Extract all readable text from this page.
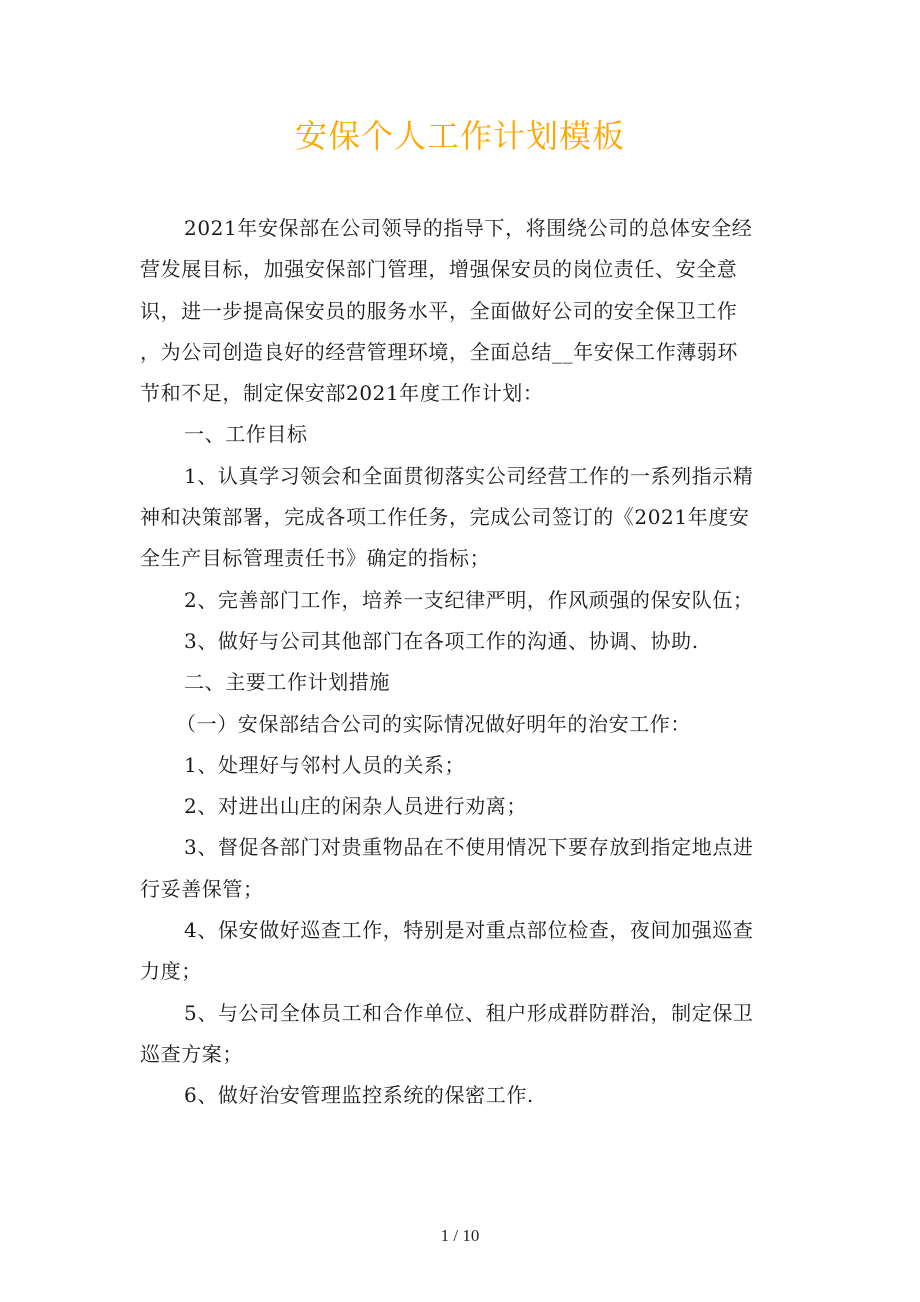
安保个人工作计划模板
2021年安保部在公司领导的指导下，将围绕公司的总体安全经
营发展目标，加强安保部门管理，增强保安员的岗位责任、安全意
识，进一步提高保安员的服务水平，全面做好公司的安全保卫工作
，为公司创造良好的经营管理环境，全面总结__年安保工作薄弱环
节和不足，制定保安部2021年度工作计划：
一、工作目标
1、认真学习领会和全面贯彻落实公司经营工作的一系列指示精
神和决策部署，完成各项工作任务，完成公司签订的《2021年度安
全生产目标管理责任书》确定的指标；
2、完善部门工作，培养一支纪律严明，作风顽强的保安队伍；
3、做好与公司其他部门在各项工作的沟通、协调、协助.
二、主要工作计划措施
（一）安保部结合公司的实际情况做好明年的治安工作：
1、处理好与邻村人员的关系；
2、对进出山庄的闲杂人员进行劝离；
3、督促各部门对贵重物品在不使用情况下要存放到指定地点进
行妥善保管；
4、保安做好巡查工作，特别是对重点部位检查，夜间加强巡查
力度；
5、与公司全体员工和合作单位、租户形成群防群治，制定保卫
巡查方案；
6、做好治安管理监控系统的保密工作.
1 / 10
